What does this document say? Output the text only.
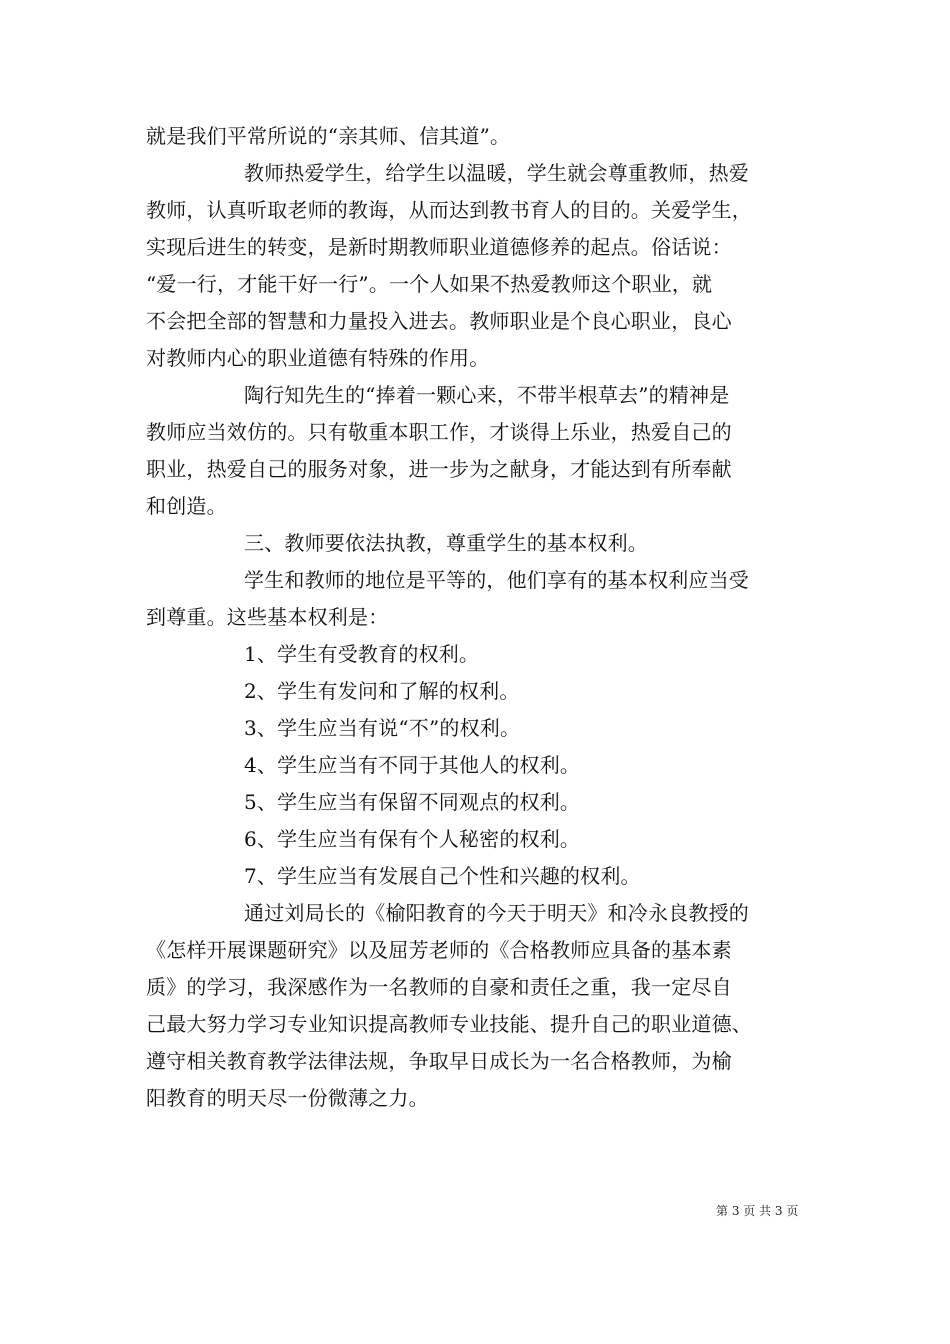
就是我们平常所说的“亲其师、信其道”。
教师热爱学生，给学生以温暖，学生就会尊重教师，热爱
教师，认真听取老师的教诲，从而达到教书育人的目的。关爱学生，
实现后进生的转变，是新时期教师职业道德修养的起点。俗话说：
“爱一行，才能干好一行”。一个人如果不热爱教师这个职业，就
不会把全部的智慧和力量投入进去。教师职业是个良心职业，良心
对教师内心的职业道德有特殊的作用。
陶行知先生的“捧着一颗心来，不带半根草去”的精神是
教师应当效仿的。只有敬重本职工作，才谈得上乐业，热爱自己的
职业，热爱自己的服务对象，进一步为之献身，才能达到有所奉献
和创造。
三、教师要依法执教，尊重学生的基本权利。
学生和教师的地位是平等的，他们享有的基本权利应当受
到尊重。这些基本权利是：
1、学生有受教育的权利。
2、学生有发问和了解的权利。
3、学生应当有说“不”的权利。
4、学生应当有不同于其他人的权利。
5、学生应当有保留不同观点的权利。
6、学生应当有保有个人秘密的权利。
7、学生应当有发展自己个性和兴趣的权利。
通过刘局长的《榆阳教育的今天于明天》和冷永良教授的
《怎样开展课题研究》以及屈芳老师的《合格教师应具备的基本素
质》的学习，我深感作为一名教师的自豪和责任之重，我一定尽自
己最大努力学习专业知识提高教师专业技能、提升自己的职业道德、
遵守相关教育教学法律法规，争取早日成长为一名合格教师，为榆
阳教育的明天尽一份微薄之力。
第 3 页 共 3 页
